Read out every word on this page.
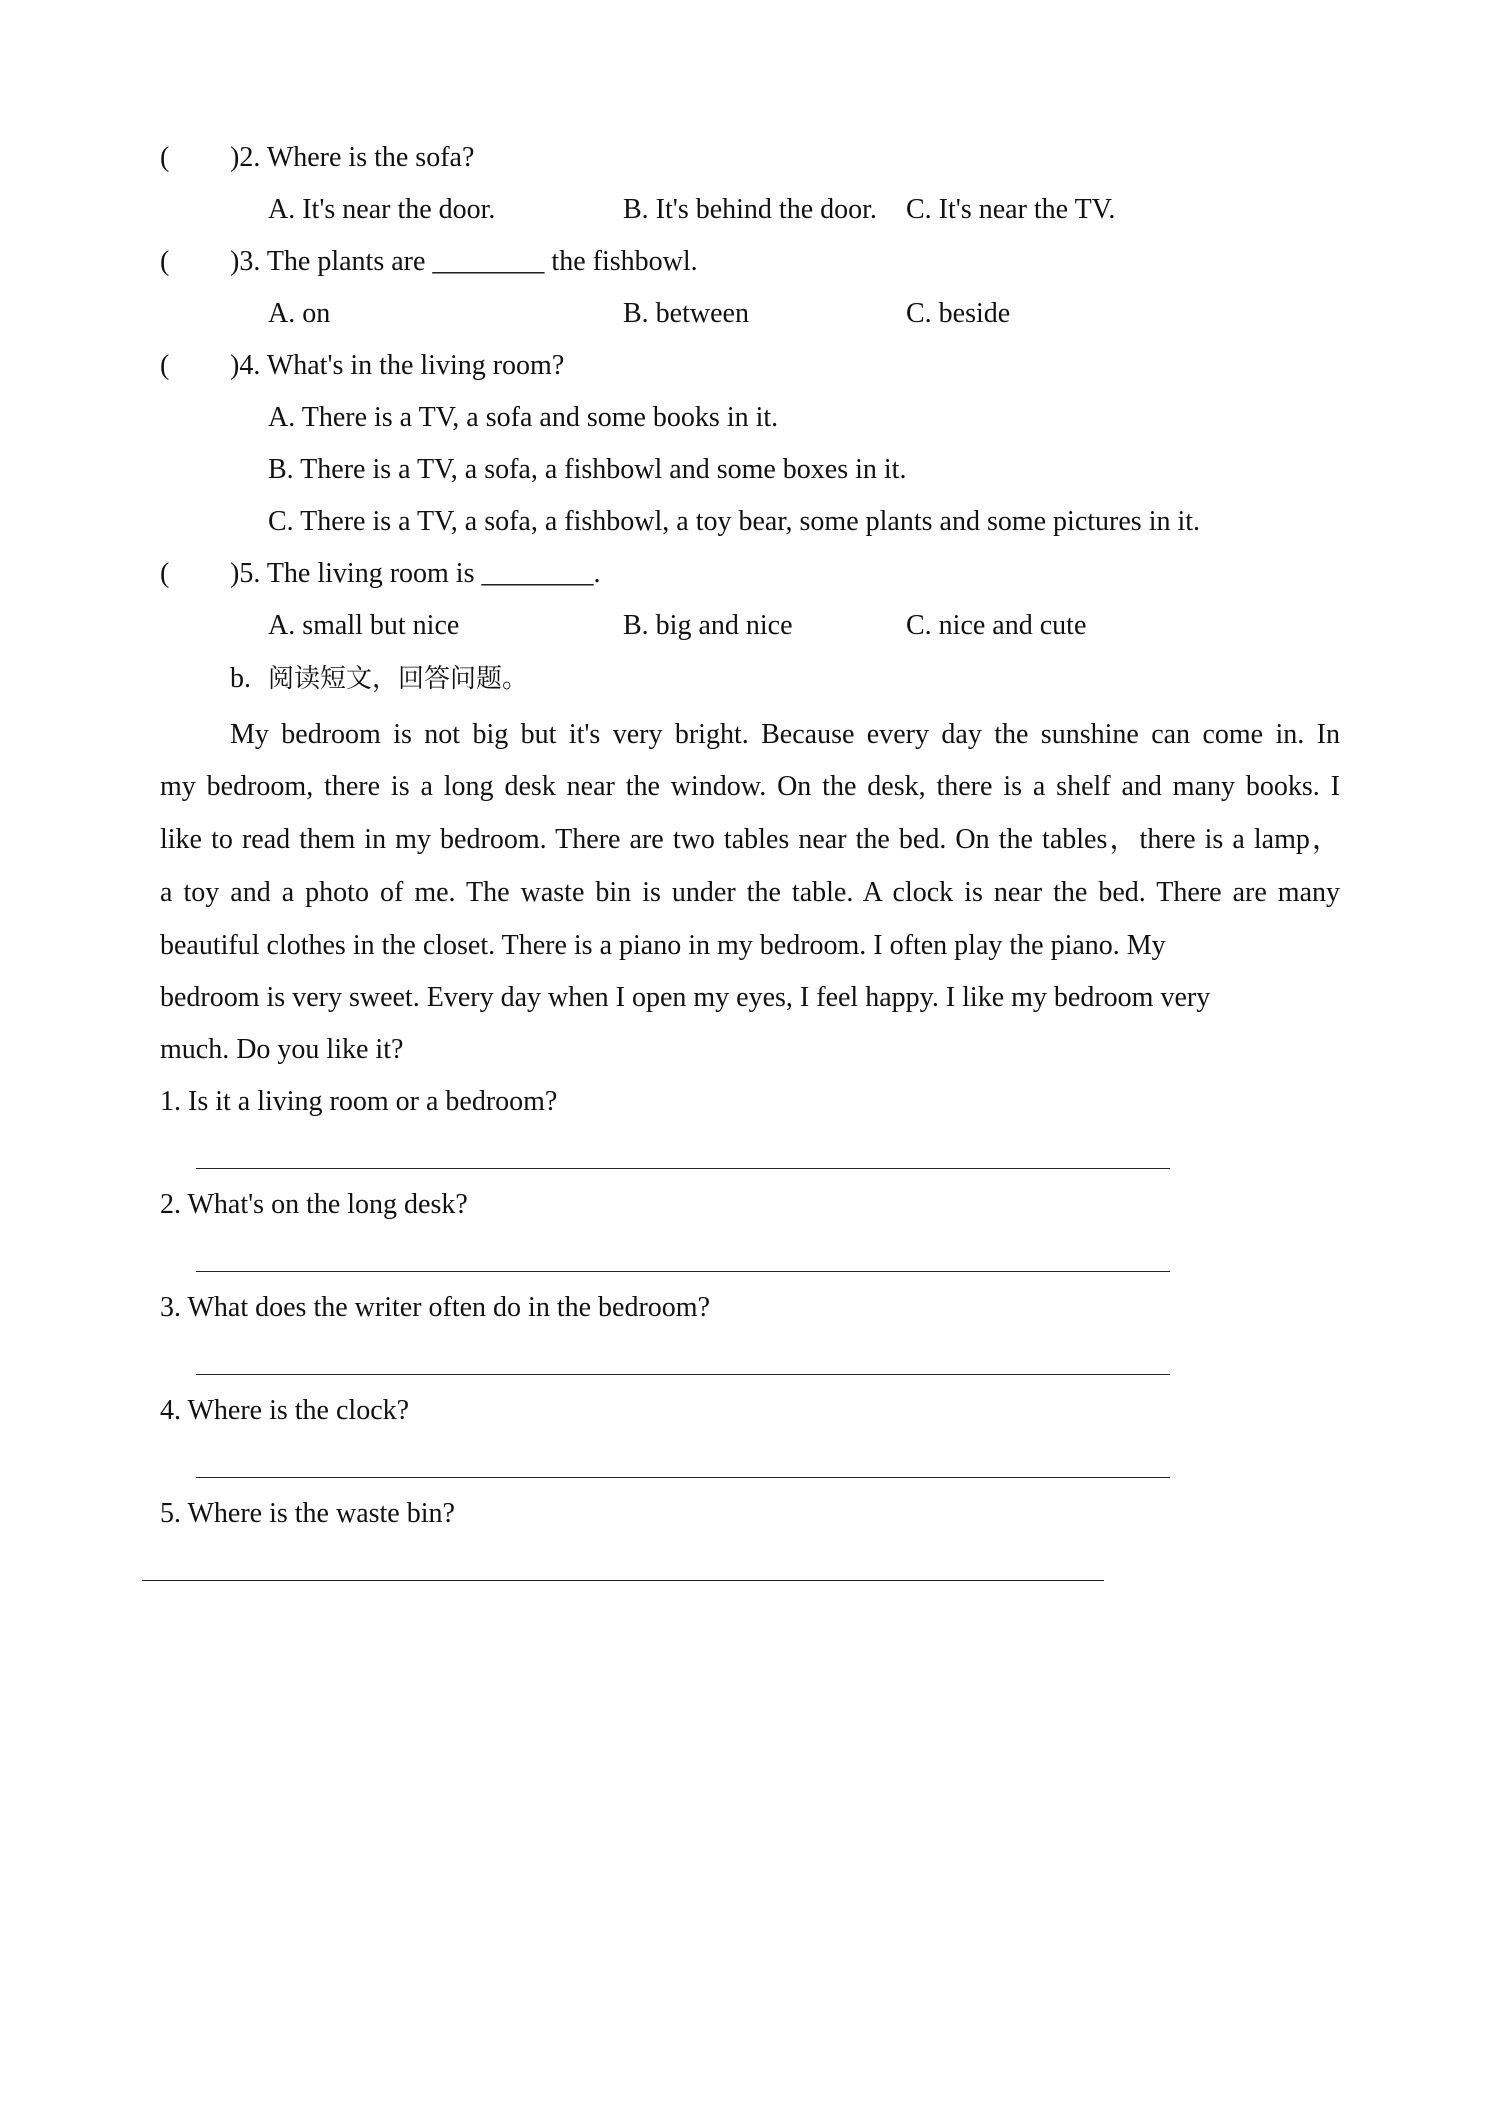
( )2. Where is the sofa?
A. It's near the door.	B. It's behind the door. C. It's near the TV.
( )3. The plants are ________ the fishbowl.
A. on	B. between	C. beside
( )4. What's in the living room?
A. There is a TV, a sofa and some books in it.
B. There is a TV, a sofa, a fishbowl and some boxes in it.
C. There is a TV, a sofa, a fishbowl, a toy bear, some plants and some pictures in it.
( )5. The living room is ________.
A. small but nice	B. big and nice	C. nice and cute
b. 阅读短文，回答问题。
My bedroom is not big but it's very bright. Because every day the sunshine can come in. In
my bedroom, there is a long desk near the window. On the desk, there is a shelf and many books. I
like to read them in my bedroom. There are two tables near the bed. On the tables，there is a lamp，
a toy and a photo of me. The waste bin is under the table. A clock is near the bed. There are many
beautiful clothes in the closet. There is a piano in my bedroom. I often play the piano. My
bedroom is very sweet. Every day when I open my eyes, I feel happy. I like my bedroom very
much. Do you like it?
1. Is it a living room or a bedroom?
2. What's on the long desk?
3. What does the writer often do in the bedroom?
4. Where is the clock?
5. Where is the waste bin?
